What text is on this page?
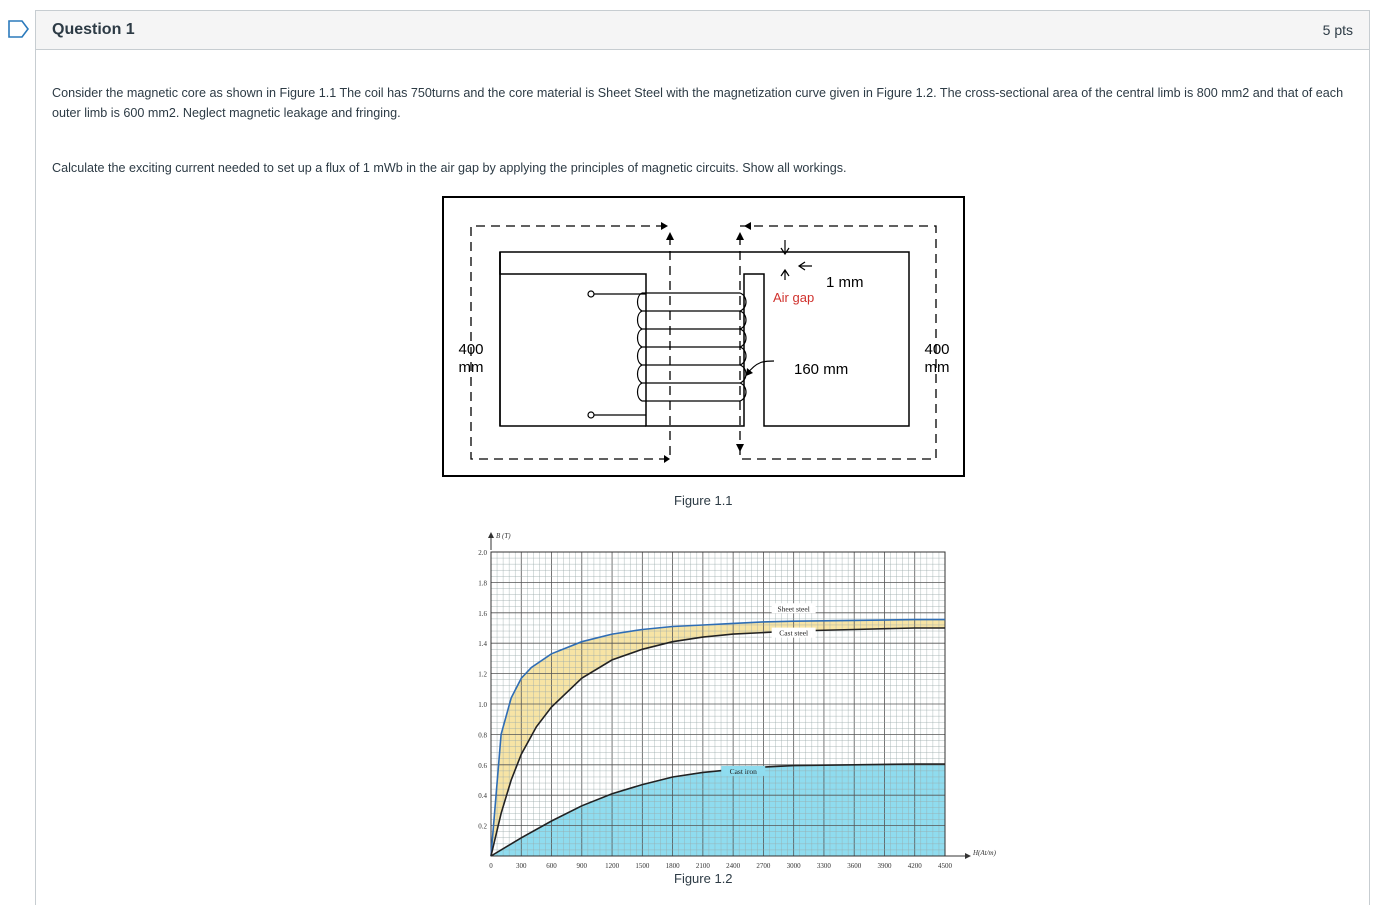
Question 1	5 pts
Consider the magnetic core as shown in Figure 1.1 The coil has 750turns and the core material is Sheet Steel with the magnetization curve given in Figure 1.2. The cross-sectional area of the central limb is 800 mm2 and that of each outer limb is 600 mm2. Neglect magnetic leakage and fringing.
Calculate the exciting current needed to set up a flux of 1 mWb in the air gap by applying the principles of magnetic circuits. Show all workings.
400
mm
400
mm
1 mm
Air gap
160 mm
Figure 1.1
0	300	600	900	1200 1500 1800 2100 2400 2700 3000 3300 3600 3900 4200 4500
0.2
0.4
0.6
0.8
1.0
1.2
1.4
1.6
1.8
2.0
Sheet steel
Cast steel
Cast iron
B (T)
H(At/m)
Figure 1.2
